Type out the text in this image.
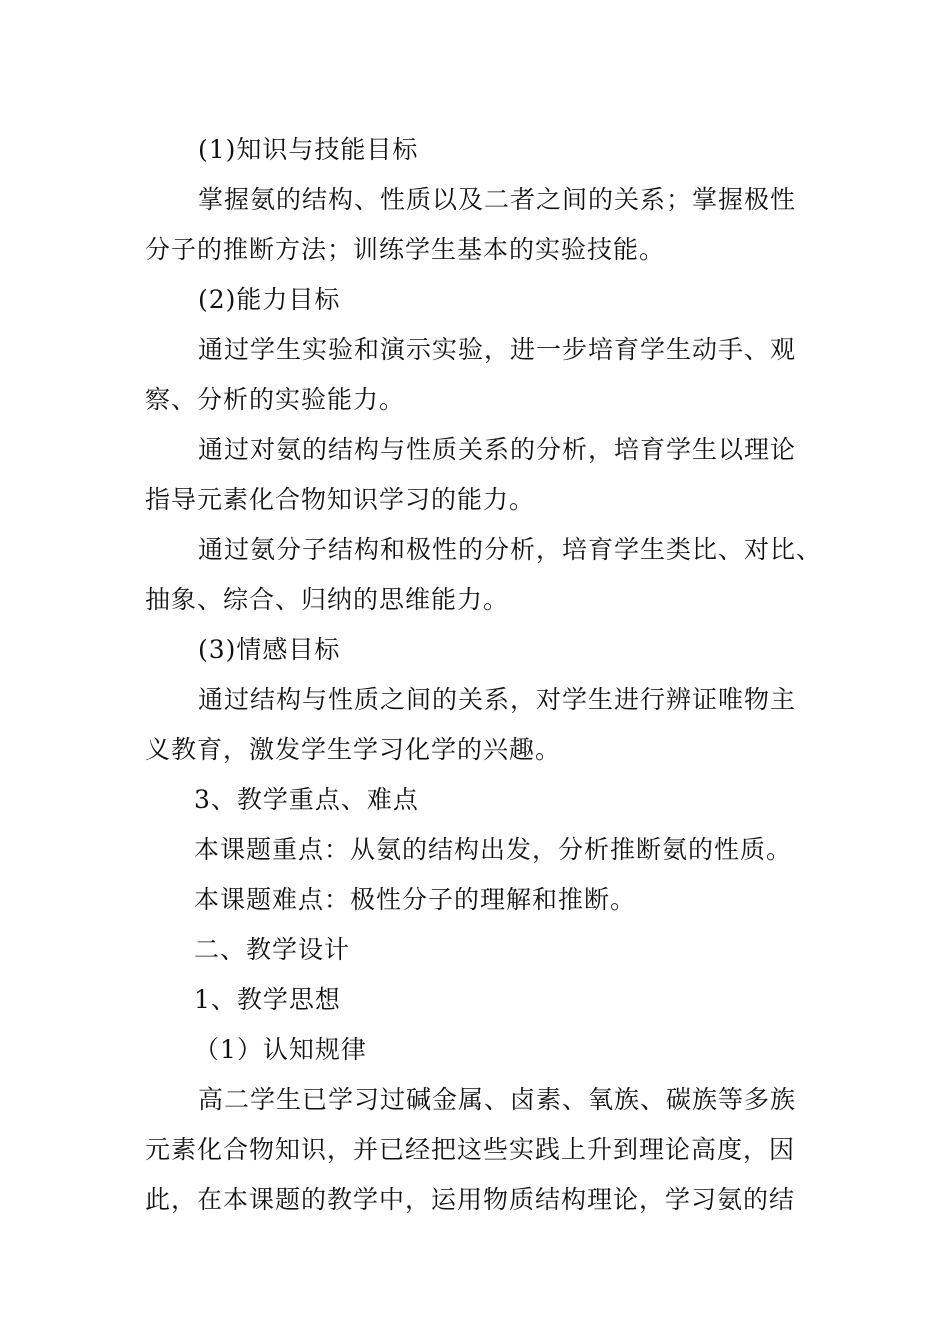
(1)知识与技能目标
掌握氨的结构、性质以及二者之间的关系；掌握极性
分子的推断方法；训练学生基本的实验技能。
(2)能力目标
通过学生实验和演示实验，进一步培育学生动手、观
察、分析的实验能力。
通过对氨的结构与性质关系的分析，培育学生以理论
指导元素化合物知识学习的能力。
通过氨分子结构和极性的分析，培育学生类比、对比、
抽象、综合、归纳的思维能力。
(3)情感目标
通过结构与性质之间的关系，对学生进行辨证唯物主
义教育，激发学生学习化学的兴趣。
3、教学重点、难点
本课题重点：从氨的结构出发，分析推断氨的性质。
本课题难点：极性分子的理解和推断。
二、教学设计
1、教学思想
（1）认知规律
高二学生已学习过碱金属、卤素、氧族、碳族等多族
元素化合物知识，并已经把这些实践上升到理论高度，因
此，在本课题的教学中，运用物质结构理论，学习氨的结
